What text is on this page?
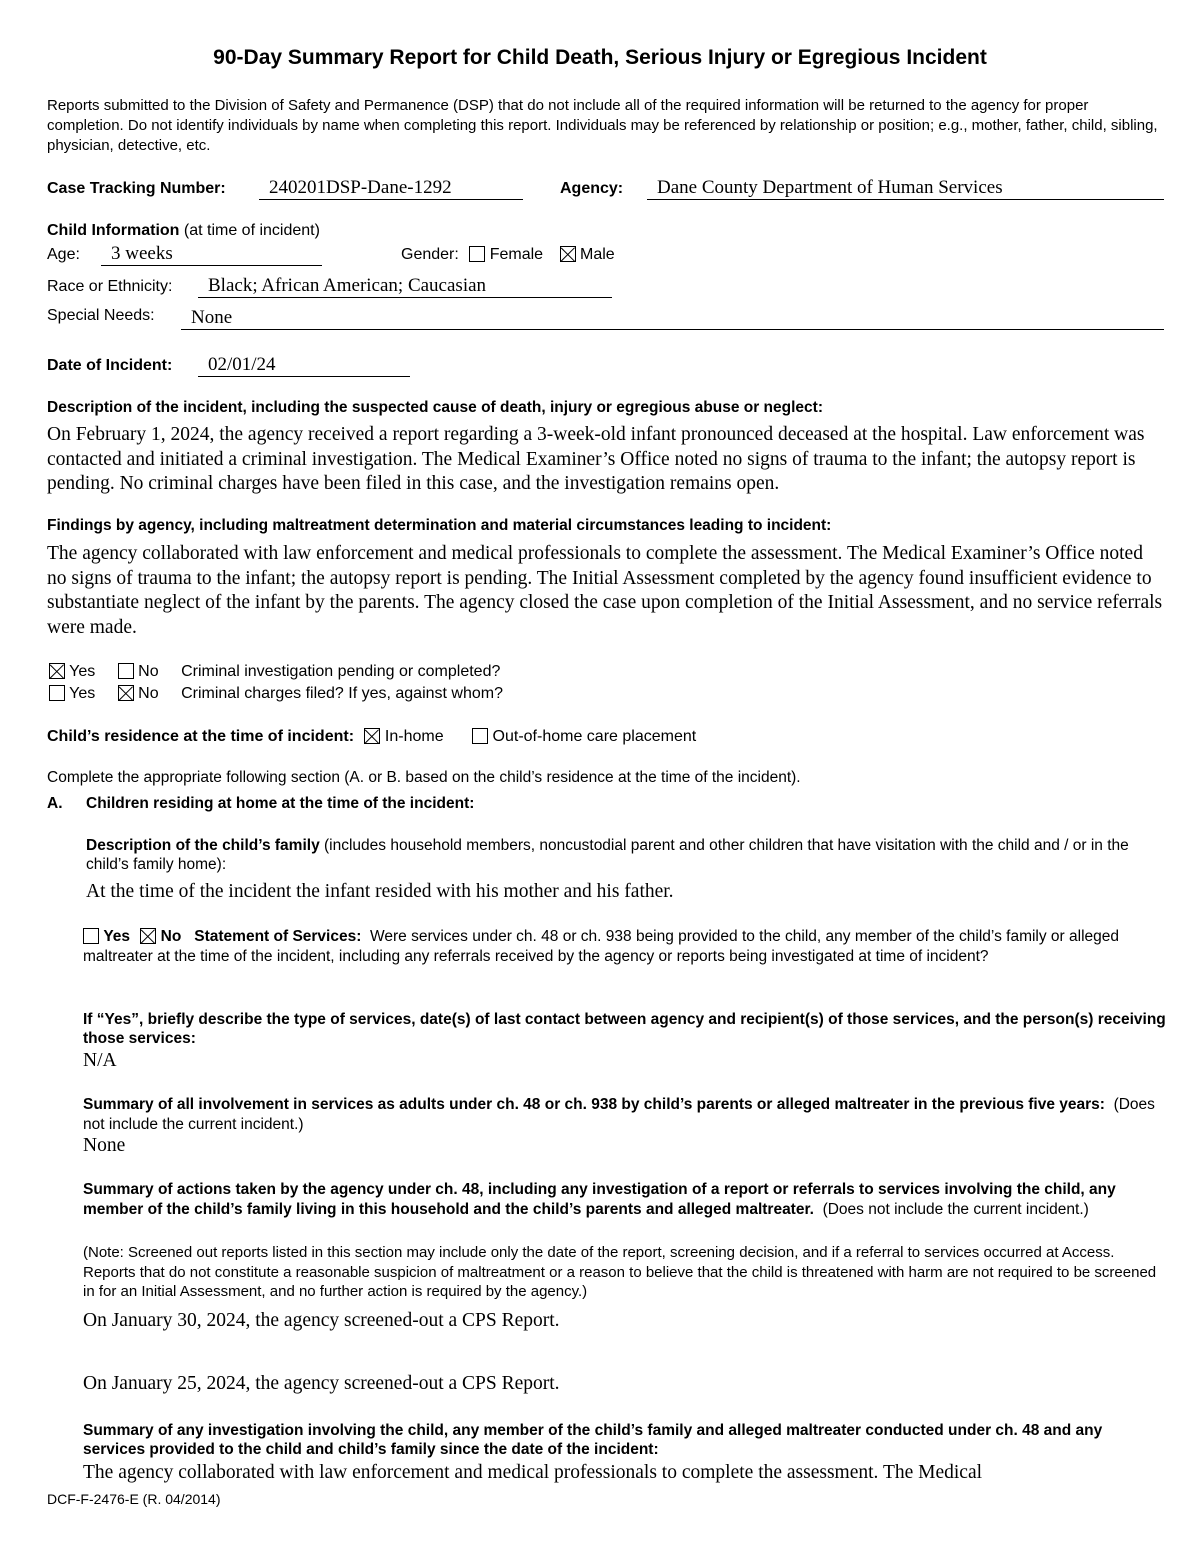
90-Day Summary Report for Child Death, Serious Injury or Egregious Incident
Reports submitted to the Division of Safety and Permanence (DSP) that do not include all of the required information will be returned to the agency for proper completion. Do not identify individuals by name when completing this report. Individuals may be referenced by relationship or position; e.g., mother, father, child, sibling, physician, detective, etc.
Case Tracking Number:	240201DSP-Dane-1292	Agency:	Dane County Department of Human Services
Child Information (at time of incident)
Age:	3 weeks	Gender: Female Male
Race or Ethnicity:	Black; African American; Caucasian
Special Needs:	None
Date of Incident:	02/01/24
Description of the incident, including the suspected cause of death, injury or egregious abuse or neglect:
On February 1, 2024, the agency received a report regarding a 3-week-old infant pronounced deceased at the hospital. Law enforcement was contacted and initiated a criminal investigation. The Medical Examiner’s Office noted no signs of trauma to the infant; the autopsy report is pending. No criminal charges have been filed in this case, and the investigation remains open.
Findings by agency, including maltreatment determination and material circumstances leading to incident:
The agency collaborated with law enforcement and medical professionals to complete the assessment. The Medical Examiner’s Office noted no signs of trauma to the infant; the autopsy report is pending. The Initial Assessment completed by the agency found insufficient evidence to substantiate neglect of the infant by the parents. The agency closed the case upon completion of the Initial Assessment, and no service referrals were made.
Yes	No Criminal investigation pending or completed?
Yes	No Criminal charges filed? If yes, against whom?
Child’s residence at the time of incident: In-home	Out-of-home care placement
Complete the appropriate following section (A. or B. based on the child’s residence at the time of the incident).
A. Children residing at home at the time of the incident:
Description of the child’s family (includes household members, noncustodial parent and other children that have visitation with the child and / or in the child’s family home):
At the time of the incident the infant resided with his mother and his father.
Yes No Statement of Services: Were services under ch. 48 or ch. 938 being provided to the child, any member of the child’s family or alleged maltreater at the time of the incident, including any referrals received by the agency or reports being investigated at time of incident?
If “Yes”, briefly describe the type of services, date(s) of last contact between agency and recipient(s) of those services, and the person(s) receiving those services:
N/A
Summary of all involvement in services as adults under ch. 48 or ch. 938 by child’s parents or alleged maltreater in the previous five years: (Does not include the current incident.)
None
Summary of actions taken by the agency under ch. 48, including any investigation of a report or referrals to services involving the child, any member of the child’s family living in this household and the child’s parents and alleged maltreater. (Does not include the current incident.)
(Note: Screened out reports listed in this section may include only the date of the report, screening decision, and if a referral to services occurred at Access. Reports that do not constitute a reasonable suspicion of maltreatment or a reason to believe that the child is threatened with harm are not required to be screened in for an Initial Assessment, and no further action is required by the agency.)
On January 30, 2024, the agency screened-out a CPS Report.
On January 25, 2024, the agency screened-out a CPS Report.
Summary of any investigation involving the child, any member of the child’s family and alleged maltreater conducted under ch. 48 and any services provided to the child and child’s family since the date of the incident:
The agency collaborated with law enforcement and medical professionals to complete the assessment. The Medical
DCF-F-2476-E (R. 04/2014)
